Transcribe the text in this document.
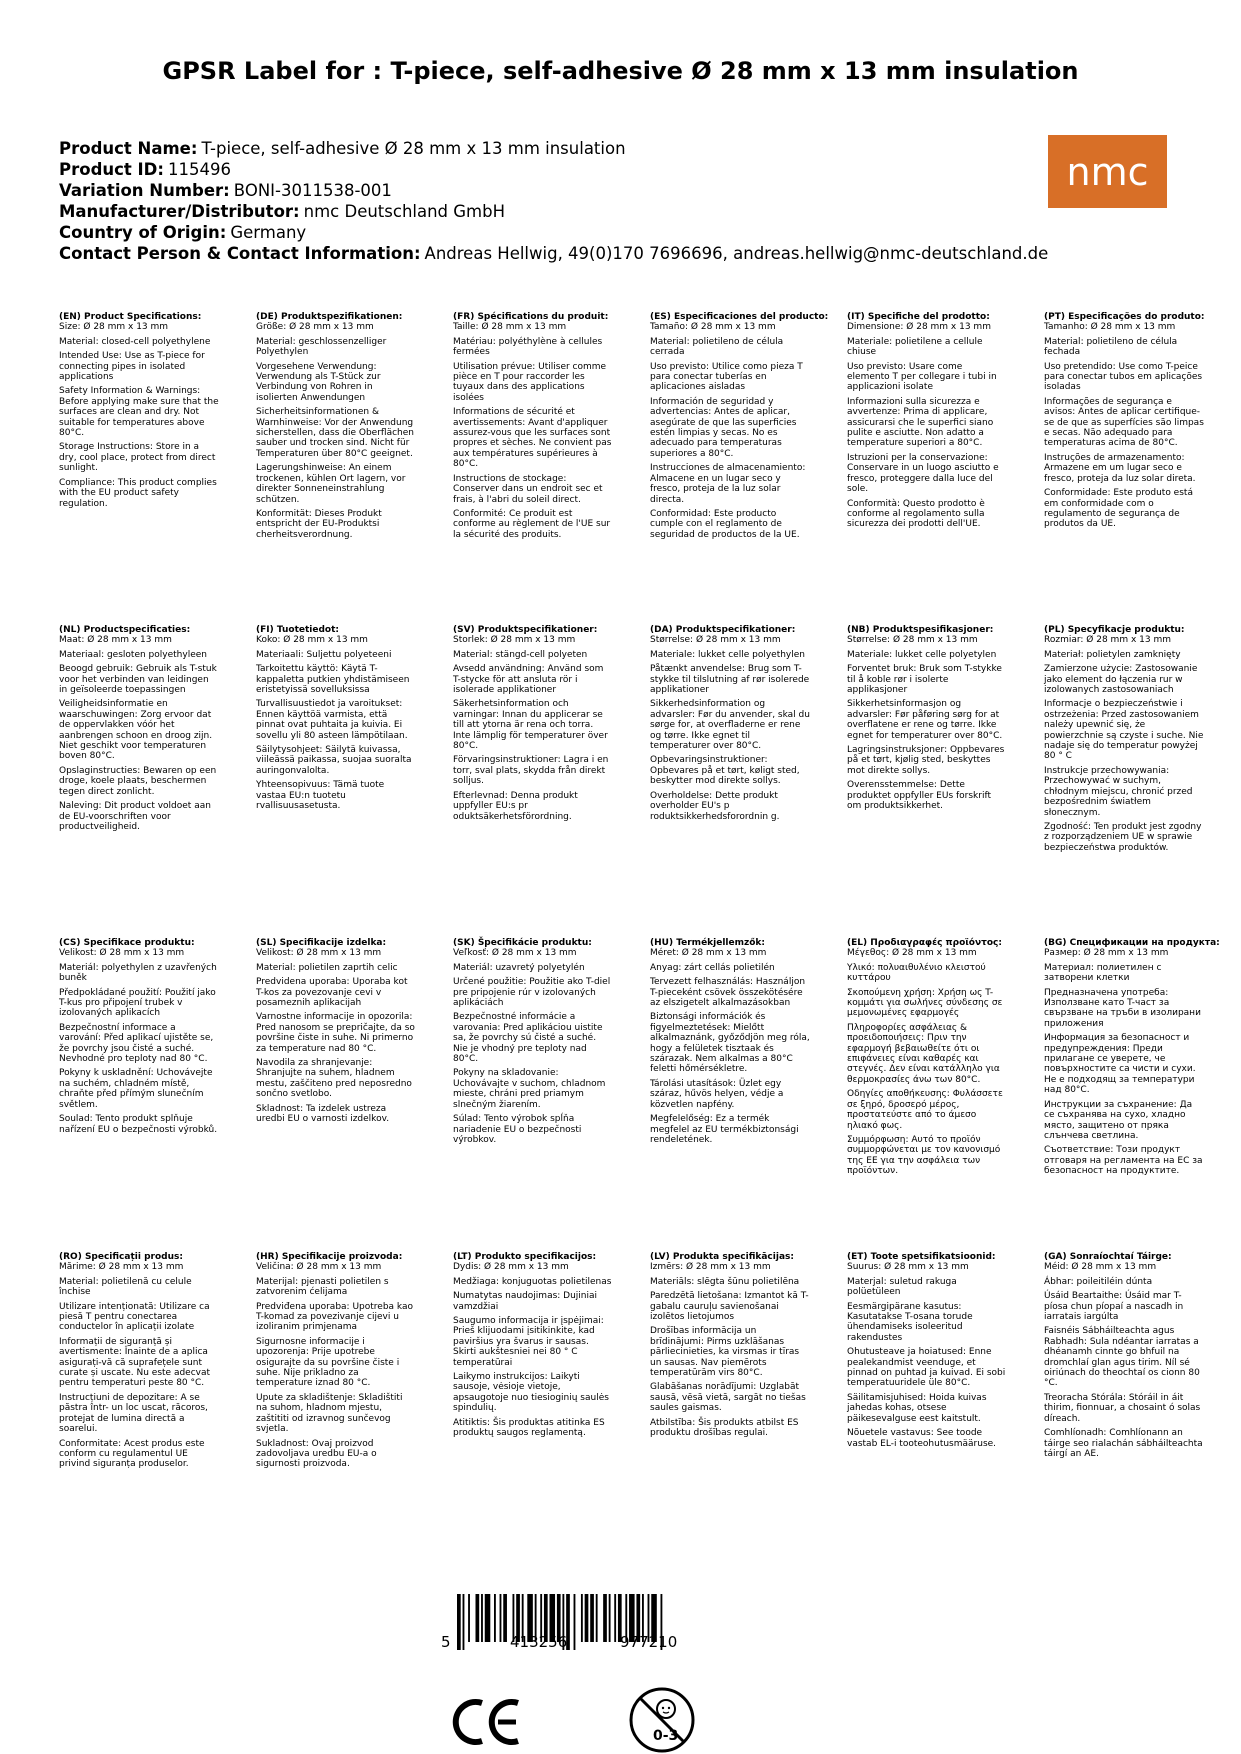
GPSR Label for : T-piece, self-adhesive Ø 28 mm x 13 mm insulation
Product Name: T-piece, self-adhesive Ø 28 mm x 13 mm insulation
Product ID: 115496
Variation Number: BONI-3011538-001
Manufacturer/Distributor: nmc Deutschland GmbH
Country of Origin: Germany
Contact Person & Contact Information: Andreas Hellwig, 49(0)170 7696696, andreas.hellwig@nmc-deutschland.de
nmc
(EN) Product Specifications:
Size: Ø 28 mm x 13 mm
Material: closed-cell polyethylene
Intended Use: Use as T-piece for connecting pipes in isolated applications
Safety Information & Warnings: Before applying make sure that the surfaces are clean and dry. Not suitable for temperatures above 80°C.
Storage Instructions: Store in a dry, cool place, protect from direct sunlight.
Compliance: This product complies with the EU product safety regulation.
(DE) Produktspezifikationen:
Größe: Ø 28 mm x 13 mm
Material: geschlossenzelliger Polyethylen
Vorgesehene Verwendung: Verwendung als T-Stück zur Verbindung von Rohren in isolierten Anwendungen
Sicherheitsinformationen & Warnhinweise: Vor der Anwendung sicherstellen, dass die Oberflächen sauber und trocken sind. Nicht für Temperaturen über 80°C geeignet.
Lagerungshinweise: An einem trockenen, kühlen Ort lagern, vor direkter Sonneneinstrahlung schützen.
Konformität: Dieses Produkt entspricht der EU-Produktsi cherheitsverordnung.
(FR) Spécifications du produit:
Taille: Ø 28 mm x 13 mm
Matériau: polyéthylène à cellules fermées
Utilisation prévue: Utiliser comme pièce en T pour raccorder les tuyaux dans des applications isolées
Informations de sécurité et avertissements: Avant d'appliquer assurez-vous que les surfaces sont propres et sèches. Ne convient pas aux températures supérieures à 80°C.
Instructions de stockage: Conserver dans un endroit sec et frais, à l'abri du soleil direct.
Conformité: Ce produit est conforme au règlement de l'UE sur la sécurité des produits.
(ES) Especificaciones del producto:
Tamaño: Ø 28 mm x 13 mm
Material: polietileno de célula cerrada
Uso previsto: Utilice como pieza T para conectar tuberías en aplicaciones aisladas
Información de seguridad y advertencias: Antes de aplicar, asegúrate de que las superficies estén limpias y secas. No es adecuado para temperaturas superiores a 80°C.
Instrucciones de almacenamiento: Almacene en un lugar seco y fresco, proteja de la luz solar directa.
Conformidad: Este producto cumple con el reglamento de seguridad de productos de la UE.
(IT) Specifiche del prodotto:
Dimensione: Ø 28 mm x 13 mm
Materiale: polietilene a cellule chiuse
Uso previsto: Usare come elemento T per collegare i tubi in applicazioni isolate
Informazioni sulla sicurezza e avvertenze: Prima di applicare, assicurarsi che le superfici siano pulite e asciutte. Non adatto a temperature superiori a 80°C.
Istruzioni per la conservazione: Conservare in un luogo asciutto e fresco, proteggere dalla luce del sole.
Conformità: Questo prodotto è conforme al regolamento sulla sicurezza dei prodotti dell'UE.
(PT) Especificações do produto:
Tamanho: Ø 28 mm x 13 mm
Material: polietileno de célula fechada
Uso pretendido: Use como T-peice para conectar tubos em aplicações isoladas
Informações de segurança e avisos: Antes de aplicar certifique-se de que as superfícies são limpas e secas. Não adequado para temperaturas acima de 80°C.
Instruções de armazenamento: Armazene em um lugar seco e fresco, proteja da luz solar direta.
Conformidade: Este produto está em conformidade com o regulamento de segurança de produtos da UE.
(NL) Productspecificaties:
Maat: Ø 28 mm x 13 mm
Materiaal: gesloten polyethyleen
Beoogd gebruik: Gebruik als T-stuk voor het verbinden van leidingen in geïsoleerde toepassingen
Veiligheidsinformatie en waarschuwingen: Zorg ervoor dat de oppervlakken vóór het aanbrengen schoon en droog zijn. Niet geschikt voor temperaturen boven 80°C.
Opslaginstructies: Bewaren op een droge, koele plaats, beschermen tegen direct zonlicht.
Naleving: Dit product voldoet aan de EU-voorschriften voor productveiligheid.
(FI) Tuotetiedot:
Koko: Ø 28 mm x 13 mm
Materiaali: Suljettu polyeteeni
Tarkoitettu käyttö: Käytä T-kappaletta putkien yhdistämiseen eristetyissä sovelluksissa
Turvallisuustiedot ja varoitukset: Ennen käyttöä varmista, että pinnat ovat puhtaita ja kuivia. Ei sovellu yli 80 asteen lämpötilaan.
Säilytysohjeet: Säilytä kuivassa, viileässä paikassa, suojaa suoralta auringonvalolta.
Yhteensopivuus: Tämä tuote vastaa EU:n tuotetu rvallisuusasetusta.
(SV) Produktspecifikationer:
Storlek: Ø 28 mm x 13 mm
Material: stängd-cell polyeten
Avsedd användning: Använd som T-stycke för att ansluta rör i isolerade applikationer
Säkerhetsinformation och varningar: Innan du applicerar se till att ytorna är rena och torra. Inte lämplig för temperaturer över 80°C.
Förvaringsinstruktioner: Lagra i en torr, sval plats, skydda från direkt solljus.
Efterlevnad: Denna produkt uppfyller EU:s pr oduktsäkerhetsförordning.
(DA) Produktspecifikationer:
Størrelse: Ø 28 mm x 13 mm
Materiale: lukket celle polyethylen
Påtænkt anvendelse: Brug som T-stykke til tilslutning af rør isolerede applikationer
Sikkerhedsinformation og advarsler: Før du anvender, skal du sørge for, at overfladerne er rene og tørre. Ikke egnet til temperaturer over 80°C.
Opbevaringsinstruktioner: Opbevares på et tørt, køligt sted, beskytter mod direkte sollys.
Overholdelse: Dette produkt overholder EU's p roduktsikkerhedsforordnin g.
(NB) Produktspesifikasjoner:
Størrelse: Ø 28 mm x 13 mm
Materiale: lukket celle polyetylen
Forventet bruk: Bruk som T-stykke til å koble rør i isolerte applikasjoner
Sikkerhetsinformasjon og advarsler: Før påføring sørg for at overflatene er rene og tørre. Ikke egnet for temperaturer over 80°C.
Lagringsinstruksjoner: Oppbevares på et tørt, kjølig sted, beskyttes mot direkte sollys.
Overensstemmelse: Dette produktet oppfyller EUs forskrift om produktsikkerhet.
(PL) Specyfikacje produktu:
Rozmiar: Ø 28 mm x 13 mm
Materiał: polietylen zamknięty
Zamierzone użycie: Zastosowanie jako element do łączenia rur w izolowanych zastosowaniach
Informacje o bezpieczeństwie i ostrzeżenia: Przed zastosowaniem należy upewnić się, że powierzchnie są czyste i suche. Nie nadaje się do temperatur powyżej 80 ° C
Instrukcje przechowywania: Przechowywać w suchym, chłodnym miejscu, chronić przed bezpośrednim światłem słonecznym.
Zgodność: Ten produkt jest zgodny z rozporządzeniem UE w sprawie bezpieczeństwa produktów.
(CS) Specifikace produktu:
Velikost: Ø 28 mm x 13 mm
Materiál: polyethylen z uzavřených buněk
Předpokládané použití: Použití jako T-kus pro připojení trubek v izolovaných aplikacích
Bezpečnostní informace a varování: Před aplikací ujistěte se, že povrchy jsou čisté a suché. Nevhodné pro teploty nad 80 °C.
Pokyny k uskladnění: Uchovávejte na suchém, chladném místě, chraňte před přímým slunečním světlem.
Soulad: Tento produkt splňuje nařízení EU o bezpečnosti výrobků.
(SL) Specifikacije izdelka:
Velikost: Ø 28 mm x 13 mm
Material: polietilen zaprtih celic
Predvidena uporaba: Uporaba kot T-kos za povezovanje cevi v posameznih aplikacijah
Varnostne informacije in opozorila: Pred nanosom se prepričajte, da so površine čiste in suhe. Ni primerno za temperature nad 80 °C.
Navodila za shranjevanje: Shranjujte na suhem, hladnem mestu, zaščiteno pred neposredno sončno svetlobo.
Skladnost: Ta izdelek ustreza uredbi EU o varnosti izdelkov.
(SK) Špecifikácie produktu:
Veľkosť: Ø 28 mm x 13 mm
Materiál: uzavretý polyetylén
Určené použitie: Použitie ako T-diel pre pripojenie rúr v izolovaných aplikáciách
Bezpečnostné informácie a varovania: Pred aplikáciou uistite sa, že povrchy sú čisté a suché. Nie je vhodný pre teploty nad 80°C.
Pokyny na skladovanie: Uchovávajte v suchom, chladnom mieste, chráni pred priamym slnečným žiarením.
Súlad: Tento výrobok spĺňa nariadenie EU o bezpečnosti výrobkov.
(HU) Termékjellemzők:
Méret: Ø 28 mm x 13 mm
Anyag: zárt cellás polietilén
Tervezett felhasználás: Használjon T-pieceként csövek összekötésére az elszigetelt alkalmazásokban
Biztonsági információk és figyelmeztetések: Mielőtt alkalmaznánk, győződjön meg róla, hogy a felületek tisztaak és szárazak. Nem alkalmas a 80°C feletti hőmérsékletre.
Tárolási utasítások: Üzlet egy száraz, hűvös helyen, védje a közvetlen napfény.
Megfelelőség: Ez a termék megfelel az EU termékbiztonsági rendeletének.
(EL) Προδιαγραφές προϊόντος:
Μέγεθος: Ø 28 mm x 13 mm
Υλικό: πολυαιθυλένιο κλειστού κυττάρου
Σκοπούμενη χρήση: Χρήση ως T-κομμάτι για σωλήνες σύνδεσης σε μεμονωμένες εφαρμογές
Πληροφορίες ασφάλειας & προειδοποιήσεις: Πριν την εφαρμογή βεβαιωθείτε ότι οι επιφάνειες είναι καθαρές και στεγνές. Δεν είναι κατάλληλο για θερμοκρασίες άνω των 80°C.
Οδηγίες αποθήκευσης: Φυλάσσετε σε ξηρό, δροσερό μέρος, προστατεύστε από το άμεσο ηλιακό φως.
Συμμόρφωση: Αυτό το προϊόν συμμορφώνεται με τον κανονισμό της ΕΕ για την ασφάλεια των προϊόντων.
(BG) Спецификации на продукта:
Размер: Ø 28 mm x 13 mm
Материал: полиетилен с затворени клетки
Предназначена употреба: Използване като T-част за свързване на тръби в изолирани приложения
Информация за безопасност и предупреждения: Преди прилагане се уверете, че повърхностите са чисти и сухи. Не е подходящ за температури над 80°C.
Инструкции за съхранение: Да се съхранява на сухо, хладно място, защитено от пряка слънчева светлина.
Съответствие: Този продукт отговаря на регламента на ЕС за безопасност на продуктите.
(RO) Specificații produs:
Mărime: Ø 28 mm x 13 mm
Material: polietilenă cu celule închise
Utilizare intenționată: Utilizare ca piesă T pentru conectarea conductelor în aplicații izolate
Informații de siguranță și avertismente: Înainte de a aplica asigurați-vă că suprafețele sunt curate și uscate. Nu este adecvat pentru temperaturi peste 80 °C.
Instrucțiuni de depozitare: A se păstra într- un loc uscat, răcoros, protejat de lumina directă a soarelui.
Conformitate: Acest produs este conform cu regulamentul UE privind siguranța produselor.
(HR) Specifikacije proizvoda:
Veličina: Ø 28 mm x 13 mm
Materijal: pjenasti polietilen s zatvorenim ćelijama
Predviđena uporaba: Upotreba kao T-komad za povezivanje cijevi u izoliranim primjenama
Sigurnosne informacije i upozorenja: Prije upotrebe osigurajte da su površine čiste i suhe. Nije prikladno za temperature iznad 80 °C.
Upute za skladištenje: Skladištiti na suhom, hladnom mjestu, zaštititi od izravnog sunčevog svjetla.
Sukladnost: Ovaj proizvod zadovoljava uredbu EU-a o sigurnosti proizvoda.
(LT) Produkto specifikacijos:
Dydis: Ø 28 mm x 13 mm
Medžiaga: konjuguotas polietilenas
Numatytas naudojimas: Dujiniai vamzdžiai
Saugumo informacija ir įspėjimai: Prieš klijuodami įsitikinkite, kad paviršius yra švarus ir sausas. Skirti aukštesniei nei 80 ° C temperatūrai
Laikymo instrukcijos: Laikyti sausoje, vėsioje vietoje, apsaugotoje nuo tiesioginių saulės spindulių.
Atitiktis: Šis produktas atitinka ES produktų saugos reglamentą.
(LV) Produkta specifikācijas:
Izmērs: Ø 28 mm x 13 mm
Materiāls: slēgta šūnu polietilēna
Paredzētā lietošana: Izmantot kā T-gabalu cauruļu savienošanai izolētos lietojumos
Drošības informācija un brīdinājumi: Pirms uzklāšanas pārliecinieties, ka virsmas ir tīras un sausas. Nav piemērots temperatūrām virs 80°C.
Glabāšanas norādījumi: Uzglabāt sausā, vēsā vietā, sargāt no tiešas saules gaismas.
Atbilstība: Šis produkts atbilst ES produktu drošības regulai.
(ET) Toote spetsifikatsioonid:
Suurus: Ø 28 mm x 13 mm
Materjal: suletud rakuga polüetüleen
Eesmärgipärane kasutus: Kasutatakse T-osana torude ühendamiseks isoleeritud rakendustes
Ohutusteave ja hoiatused: Enne pealekandmist veenduge, et pinnad on puhtad ja kuivad. Ei sobi temperatuuridele üle 80°C.
Säilitamisjuhised: Hoida kuivas jahedas kohas, otsese päikesevalguse eest kaitstult.
Nõuetele vastavus: See toode vastab EL-i tooteohutusmääruse.
(GA) Sonraíochtaí Táirge:
Méid: Ø 28 mm x 13 mm
Ábhar: poileitiléin dúnta
Úsáid Beartaithe: Úsáid mar T-píosa chun píopaí a nascadh in iarratais iargúlta
Faisnéis Sábháilteachta agus Rabhadh: Sula ndéantar iarratas a dhéanamh cinnte go bhfuil na dromchlaí glan agus tirim. Níl sé oiriúnach do theochtaí os cionn 80 °C.
Treoracha Stórála: Stóráil in áit thirim, fionnuar, a chosaint ó solas díreach.
Comhlíonadh: Comhlíonann an táirge seo rialachán sábháilteachta táirgí an AE.
5	413256	977210
0-3
